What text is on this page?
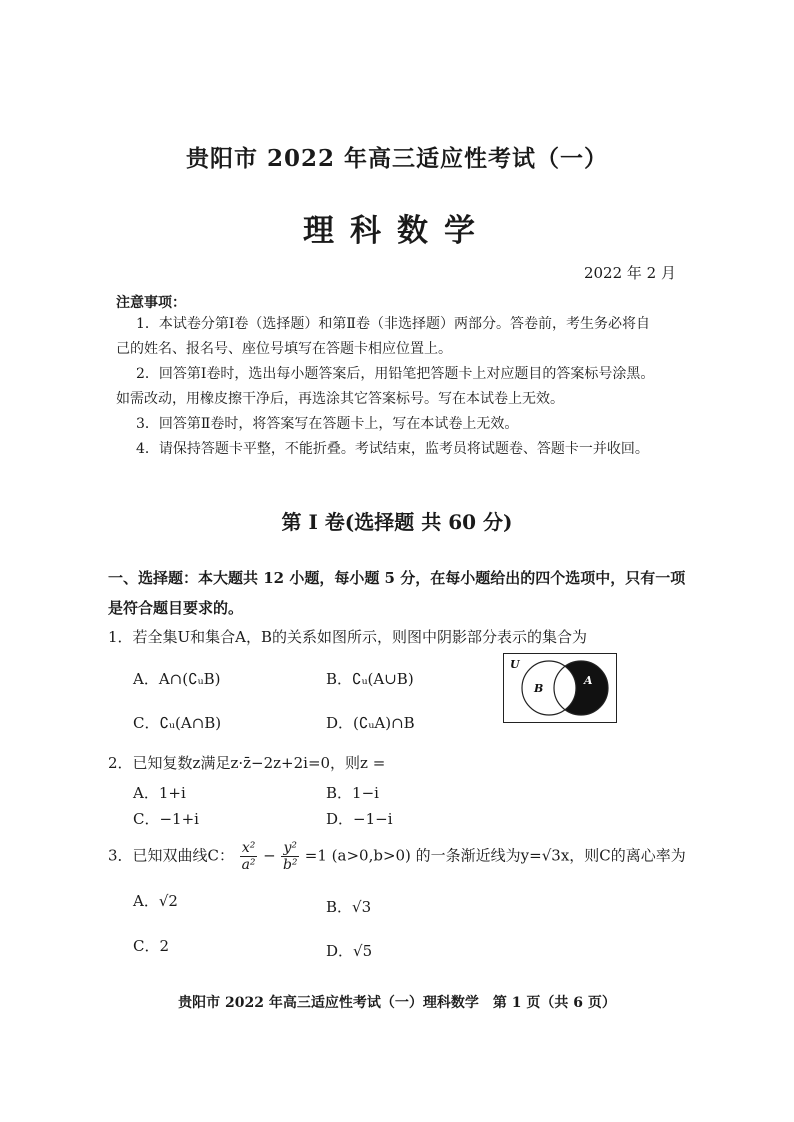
贵阳市 2022 年高三适应性考试（一）
理科数学
2022 年 2 月
注意事项：
1．本试卷分第Ⅰ卷（选择题）和第Ⅱ卷（非选择题）两部分。答卷前，考生务必将自
己的姓名、报名号、座位号填写在答题卡相应位置上。
2．回答第Ⅰ卷时，选出每小题答案后，用铅笔把答题卡上对应题目的答案标号涂黑。
如需改动，用橡皮擦干净后，再选涂其它答案标号。写在本试卷上无效。
3．回答第Ⅱ卷时，将答案写在答题卡上，写在本试卷上无效。
4．请保持答题卡平整，不能折叠。考试结束，监考员将试题卷、答题卡一并收回。
第 I 卷(选择题 共 60 分)
一、选择题：本大题共 12 小题，每小题 5 分，在每小题给出的四个选项中，只有一项是符合题目要求的。
1．若全集U和集合A，B的关系如图所示，则图中阴影部分表示的集合为
A．A∩(∁ᵤB)	B．∁ᵤ(A∪B)
C．∁ᵤ(A∩B)	D．(∁ᵤA)∩B
U
B
A
2．已知复数z满足z·z̄−2z+2i=0，则z =
A．1+i	B．1−i
C．−1+i	D．−1−i
3．已知双曲线C： $\frac{\text{x²}}{\text{a²}} - \frac{\text{y²}}{\text{b²}} =1$ (a>0,b>0) 的一条渐近线为y=√3x，则C的离心率为
A．√2	B．√3
C．2	D．√5
贵阳市 2022 年高三适应性考试（一）理科数学　第 1 页（共 6 页）
